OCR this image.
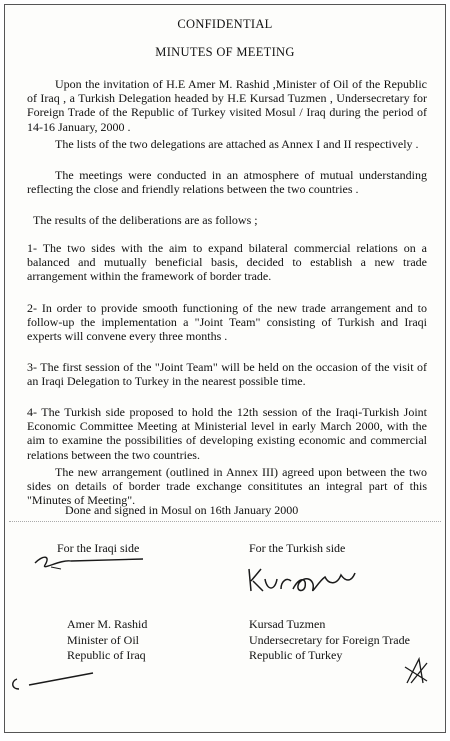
CONFIDENTIAL
MINUTES OF MEETING
Upon the invitation of H.E Amer M. Rashid ,Minister of Oil of the Republic of Iraq , a Turkish Delegation headed by H.E Kursad Tuzmen , Undersecretary for Foreign Trade of the Republic of Turkey visited Mosul / Iraq during the period of 14-16 January, 2000 .
The lists of the two delegations are attached as Annex I and II respectively .
The meetings were conducted in an atmosphere of mutual understanding reflecting the close and friendly relations between the two countries .
The results of the deliberations are as follows ;
1- The two sides with the aim to expand bilateral commercial relations on a balanced and mutually beneficial basis, decided to establish a new trade arrangement within the framework of border trade.
2- In order to provide smooth functioning of the new trade arrangement and to follow-up the implementation a "Joint Team" consisting of Turkish and Iraqi experts will convene every three months .
3- The first session of the "Joint Team" will be held on the occasion of the visit of an Iraqi Delegation to Turkey in the nearest possible time.
4- The Turkish side proposed to hold the 12th session of the Iraqi-Turkish Joint Economic Committee Meeting at Ministerial level in early March 2000, with the aim to examine the possibilities of developing existing economic and commercial relations between the two countries.
The new arrangement (outlined in Annex III) agreed upon between the two sides on details of border trade exchange consititutes an integral part of this "Minutes of Meeting".
Done and signed in Mosul on 16th January 2000
For the Iraqi side
Amer M. Rashid
Minister of Oil
Republic of Iraq
For the Turkish side
Kursad Tuzmen
Undersecretary for Foreign Trade
Republic of Turkey
